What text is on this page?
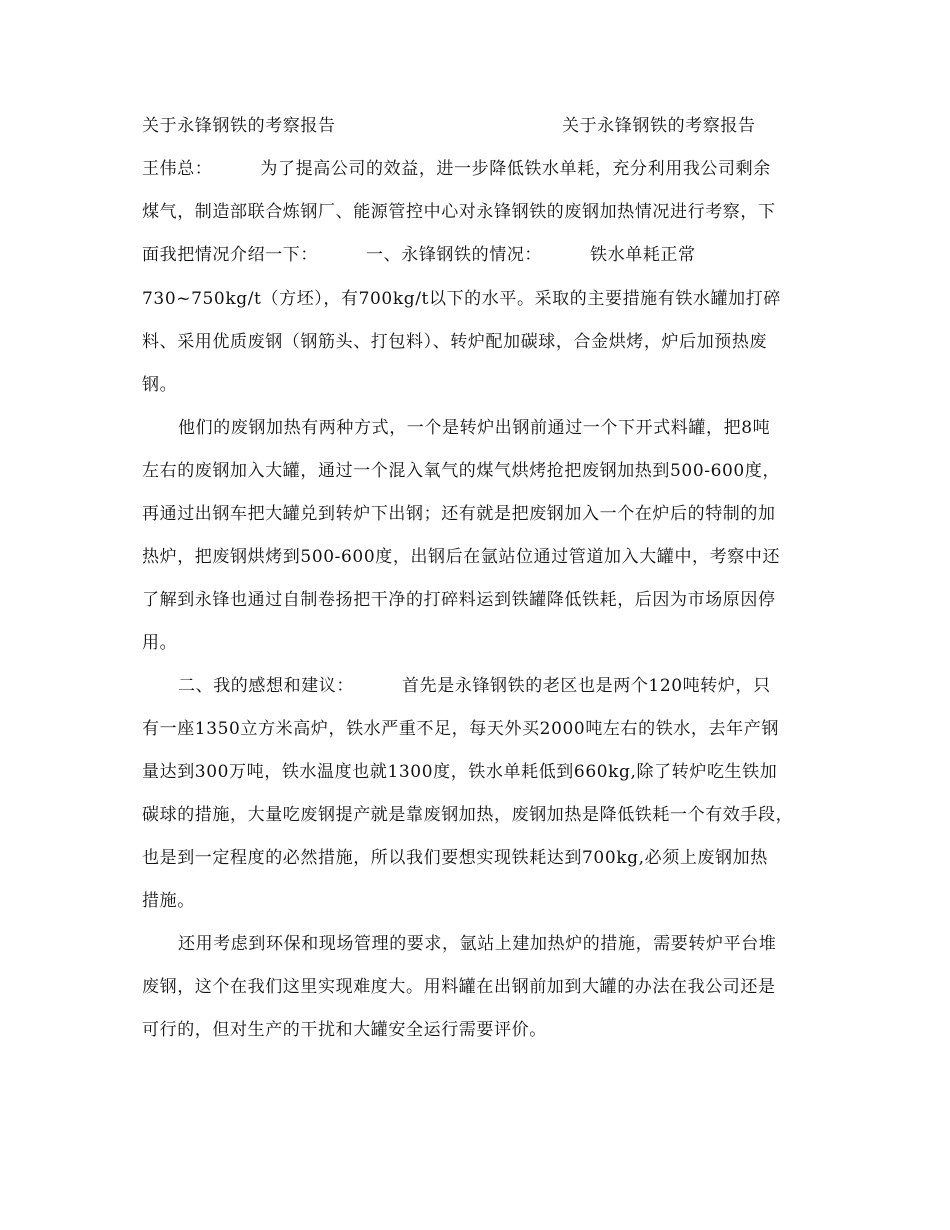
关于永锋钢铁的考察报告	关于永锋钢铁的考察报告
王伟总：        为了提高公司的效益，进一步降低铁水单耗，充分利用我公司剩余
煤气，制造部联合炼钢厂、能源管控中心对永锋钢铁的废钢加热情况进行考察，下
面我把情况介绍一下：        一、永锋钢铁的情况：        铁水单耗正常
730~750kg/t（方坯），有700kg/t以下的水平。采取的主要措施有铁水罐加打碎
料、采用优质废钢（钢筋头、打包料）、转炉配加碳球，合金烘烤，炉后加预热废
钢。
他们的废钢加热有两种方式，一个是转炉出钢前通过一个下开式料罐，把8吨
左右的废钢加入大罐，通过一个混入氧气的煤气烘烤抢把废钢加热到500-600度，
再通过出钢车把大罐兑到转炉下出钢；还有就是把废钢加入一个在炉后的特制的加
热炉，把废钢烘烤到500-600度，出钢后在氩站位通过管道加入大罐中，考察中还
了解到永锋也通过自制卷扬把干净的打碎料运到铁罐降低铁耗，后因为市场原因停
用。
二、我的感想和建议：        首先是永锋钢铁的老区也是两个120吨转炉，只
有一座1350立方米高炉，铁水严重不足，每天外买2000吨左右的铁水，去年产钢
量达到300万吨，铁水温度也就1300度，铁水单耗低到660kg,除了转炉吃生铁加
碳球的措施，大量吃废钢提产就是靠废钢加热，废钢加热是降低铁耗一个有效手段，
也是到一定程度的必然措施，所以我们要想实现铁耗达到700kg,必须上废钢加热
措施。
还用考虑到环保和现场管理的要求，氩站上建加热炉的措施，需要转炉平台堆
废钢，这个在我们这里实现难度大。用料罐在出钢前加到大罐的办法在我公司还是
可行的，但对生产的干扰和大罐安全运行需要评价。
